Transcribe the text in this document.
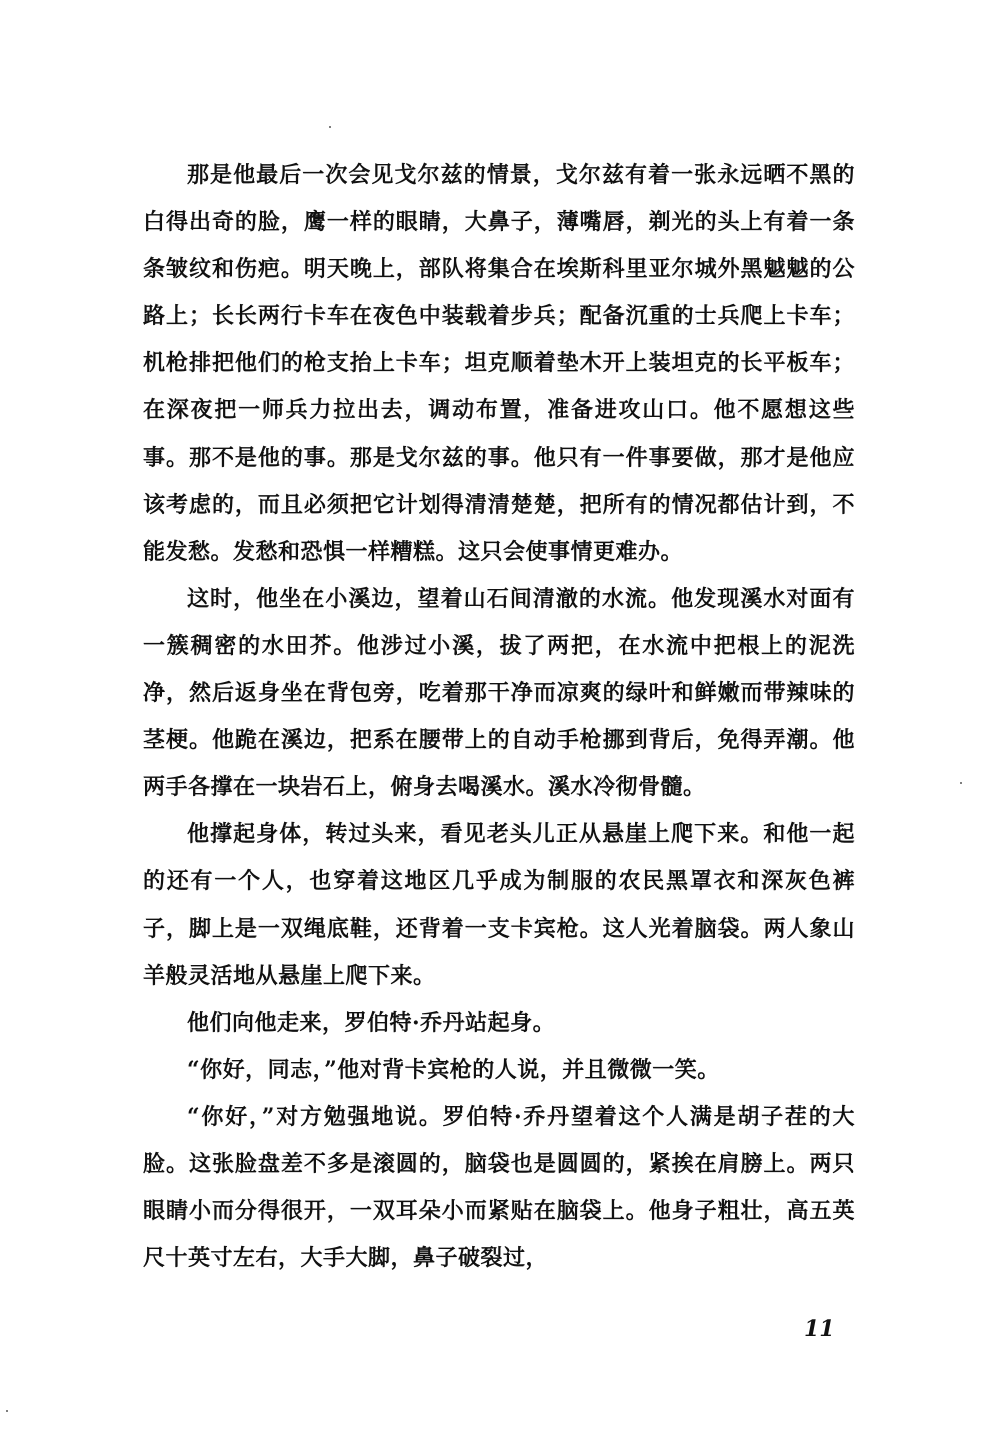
那是他最后一次会见戈尔兹的情景，戈尔兹有着一张永远晒不黑的白得出奇的脸，鹰一样的眼睛，大鼻子，薄嘴唇，剃光的头上有着一条条皱纹和伤疤。明天晚上，部队将集合在埃斯科里亚尔城外黑魆魆的公路上；长长两行卡车在夜色中装载着步兵；配备沉重的士兵爬上卡车；机枪排把他们的枪支抬上卡车；坦克顺着垫木开上装坦克的长平板车；在深夜把一师兵力拉出去，调动布置，准备进攻山口。他不愿想这些事。那不是他的事。那是戈尔兹的事。他只有一件事要做，那才是他应该考虑的，而且必须把它计划得清清楚楚，把所有的情况都估计到，不能发愁。发愁和恐惧一样糟糕。这只会使事情更难办。

这时，他坐在小溪边，望着山石间清澈的水流。他发现溪水对面有一簇稠密的水田芥。他涉过小溪，拔了两把，在水流中把根上的泥洗净，然后返身坐在背包旁，吃着那干净而凉爽的绿叶和鲜嫩而带辣味的茎梗。他跪在溪边，把系在腰带上的自动手枪挪到背后，免得弄潮。他两手各撑在一块岩石上，俯身去喝溪水。溪水冷彻骨髓。

他撑起身体，转过头来，看见老头儿正从悬崖上爬下来。和他一起的还有一个人，也穿着这地区几乎成为制服的农民黑罩衣和深灰色裤子，脚上是一双绳底鞋，还背着一支卡宾枪。这人光着脑袋。两人象山羊般灵活地从悬崖上爬下来。

他们向他走来，罗伯特·乔丹站起身。

“你好，同志，”他对背卡宾枪的人说，并且微微一笑。

“你好，”对方勉强地说。罗伯特·乔丹望着这个人满是胡子茬的大脸。这张脸盘差不多是滚圆的，脑袋也是圆圆的，紧挨在肩膀上。两只眼睛小而分得很开，一双耳朵小而紧贴在脑袋上。他身子粗壮，高五英尺十英寸左右，大手大脚，鼻子破裂过，

11
